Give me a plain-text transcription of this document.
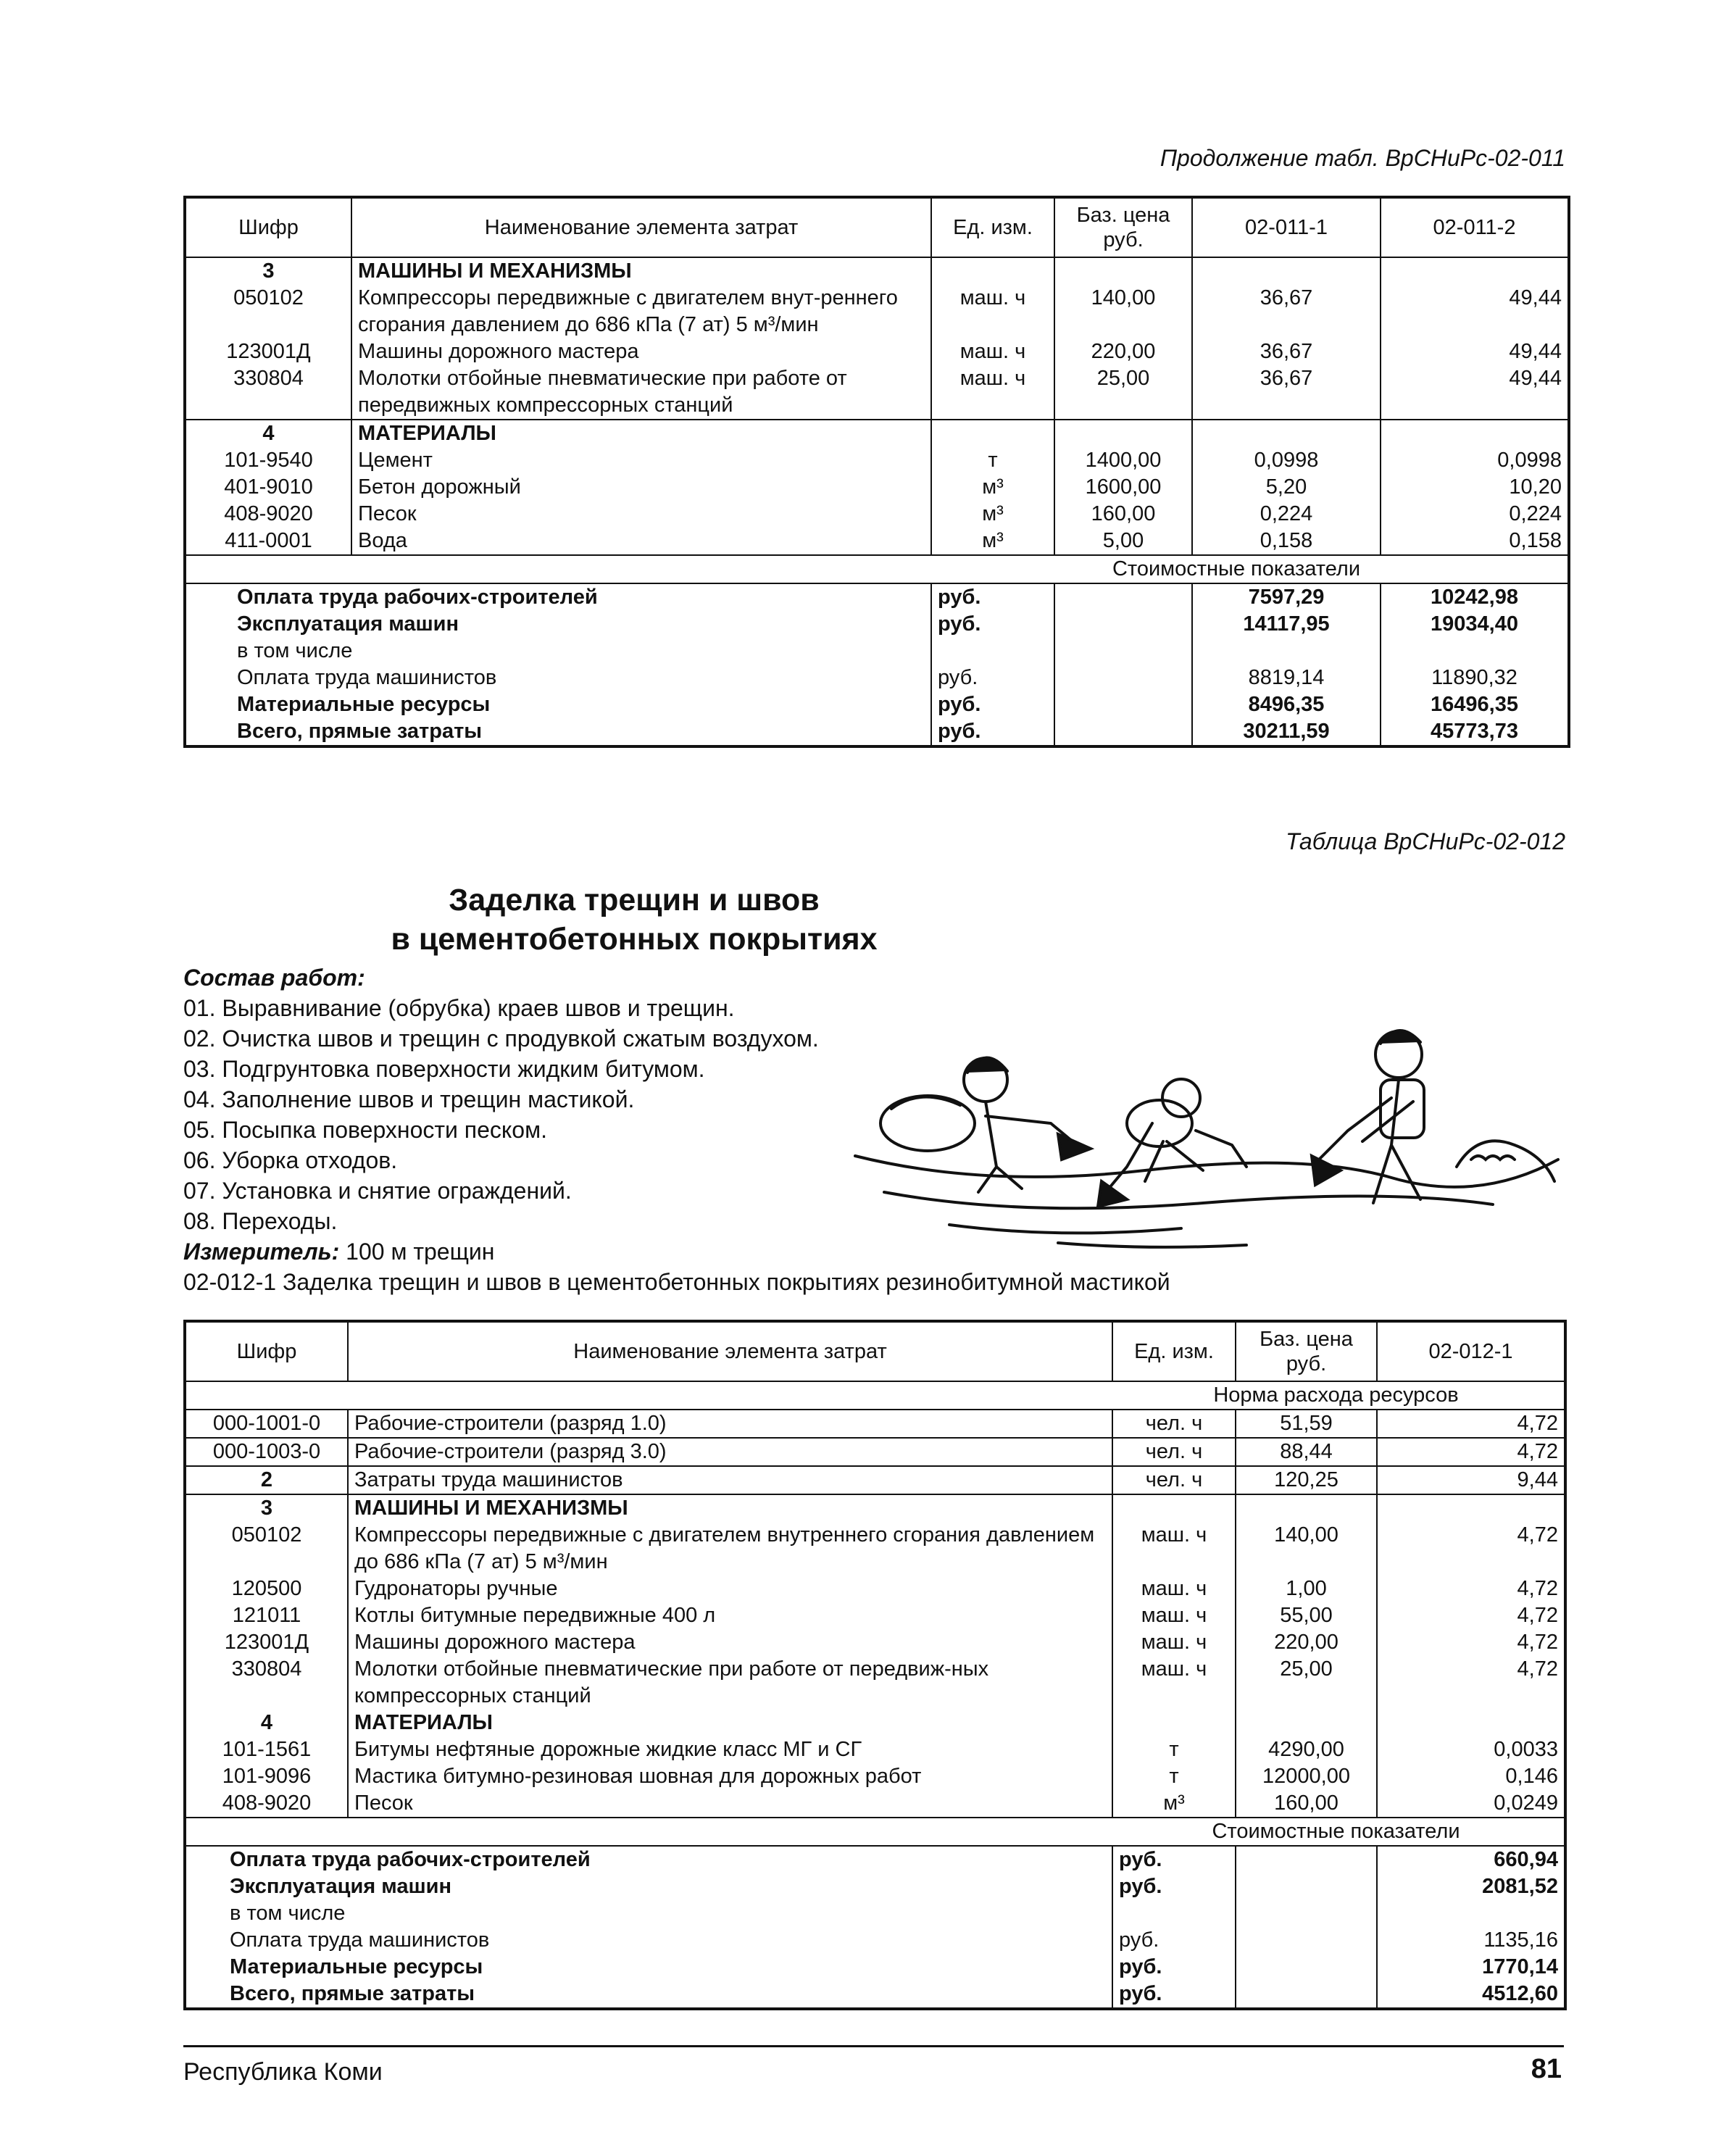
Продолжение табл. ВрСНиРс-02-011
Шифр	Наименование элемента затрат	Ед. изм.	Баз. цена руб.	02-011-1	02-011-2
3	МАШИНЫ И МЕХАНИЗМЫ				
050102	Компрессоры передвижные с двигателем внут-реннего сгорания давлением до 686 кПа (7 ат) 5 м³/мин	маш. ч	140,00	36,67	49,44
123001Д	Машины дорожного мастера	маш. ч	220,00	36,67	49,44
330804	Молотки отбойные пневматические при работе от передвижных компрессорных станций	маш. ч	25,00	36,67	49,44
4	МАТЕРИАЛЫ				
101-9540	Цемент	т	1400,00	0,0998	0,0998
401-9010	Бетон дорожный	м³	1600,00	5,20	10,20
408-9020	Песок	м³	160,00	0,224	0,224
411-0001	Вода	м³	5,00	0,158	0,158
Стоимостные показатели					
Оплата труда рабочих-строителей		руб.		7597,29	10242,98
Эксплуатация машин		руб.		14117,95	19034,40
в том числе					
Оплата труда машинистов		руб.		8819,14	11890,32
Материальные ресурсы		руб.		8496,35	16496,35
Всего, прямые затраты		руб.		30211,59	45773,73
Таблица ВрСНиРс-02-012
Заделка трещин и швов
в цементобетонных покрытиях
Состав работ:
01. Выравнивание (обрубка) краев швов и трещин.
02. Очистка швов и трещин с продувкой сжатым воздухом.
03. Подгрунтовка поверхности жидким битумом.
04. Заполнение швов и трещин мастикой.
05. Посыпка поверхности песком.
06. Уборка отходов.
07. Установка и снятие ограждений.
08. Переходы.
Измеритель: 100 м трещин
02-012-1 Заделка трещин и швов в цементобетонных покрытиях резинобитумной мастикой
Шифр	Наименование элемента затрат	Ед. изм.	Баз. цена руб.	02-012-1
Норма расхода ресурсов				
000-1001-0	Рабочие-строители (разряд 1.0)	чел. ч	51,59	4,72
000-1003-0	Рабочие-строители (разряд 3.0)	чел. ч	88,44	4,72
2	Затраты труда машинистов	чел. ч	120,25	9,44
3	МАШИНЫ И МЕХАНИЗМЫ			
050102	Компрессоры передвижные с двигателем внутреннего сгорания давлением до 686 кПа (7 ат) 5 м³/мин	маш. ч	140,00	4,72
120500	Гудронаторы ручные	маш. ч	1,00	4,72
121011	Котлы битумные передвижные 400 л	маш. ч	55,00	4,72
123001Д	Машины дорожного мастера	маш. ч	220,00	4,72
330804	Молотки отбойные пневматические при работе от передвиж-ных компрессорных станций	маш. ч	25,00	4,72
4	МАТЕРИАЛЫ			
101-1561	Битумы нефтяные дорожные жидкие класс МГ и СГ	т	4290,00	0,0033
101-9096	Мастика битумно-резиновая шовная для дорожных работ	т	12000,00	0,146
408-9020	Песок	м³	160,00	0,0249
Стоимостные показатели				
Оплата труда рабочих-строителей		руб.		660,94
Эксплуатация машин		руб.		2081,52
в том числе				
Оплата труда машинистов		руб.		1135,16
Материальные ресурсы		руб.		1770,14
Всего, прямые затраты		руб.		4512,60
Республика Коми	81
